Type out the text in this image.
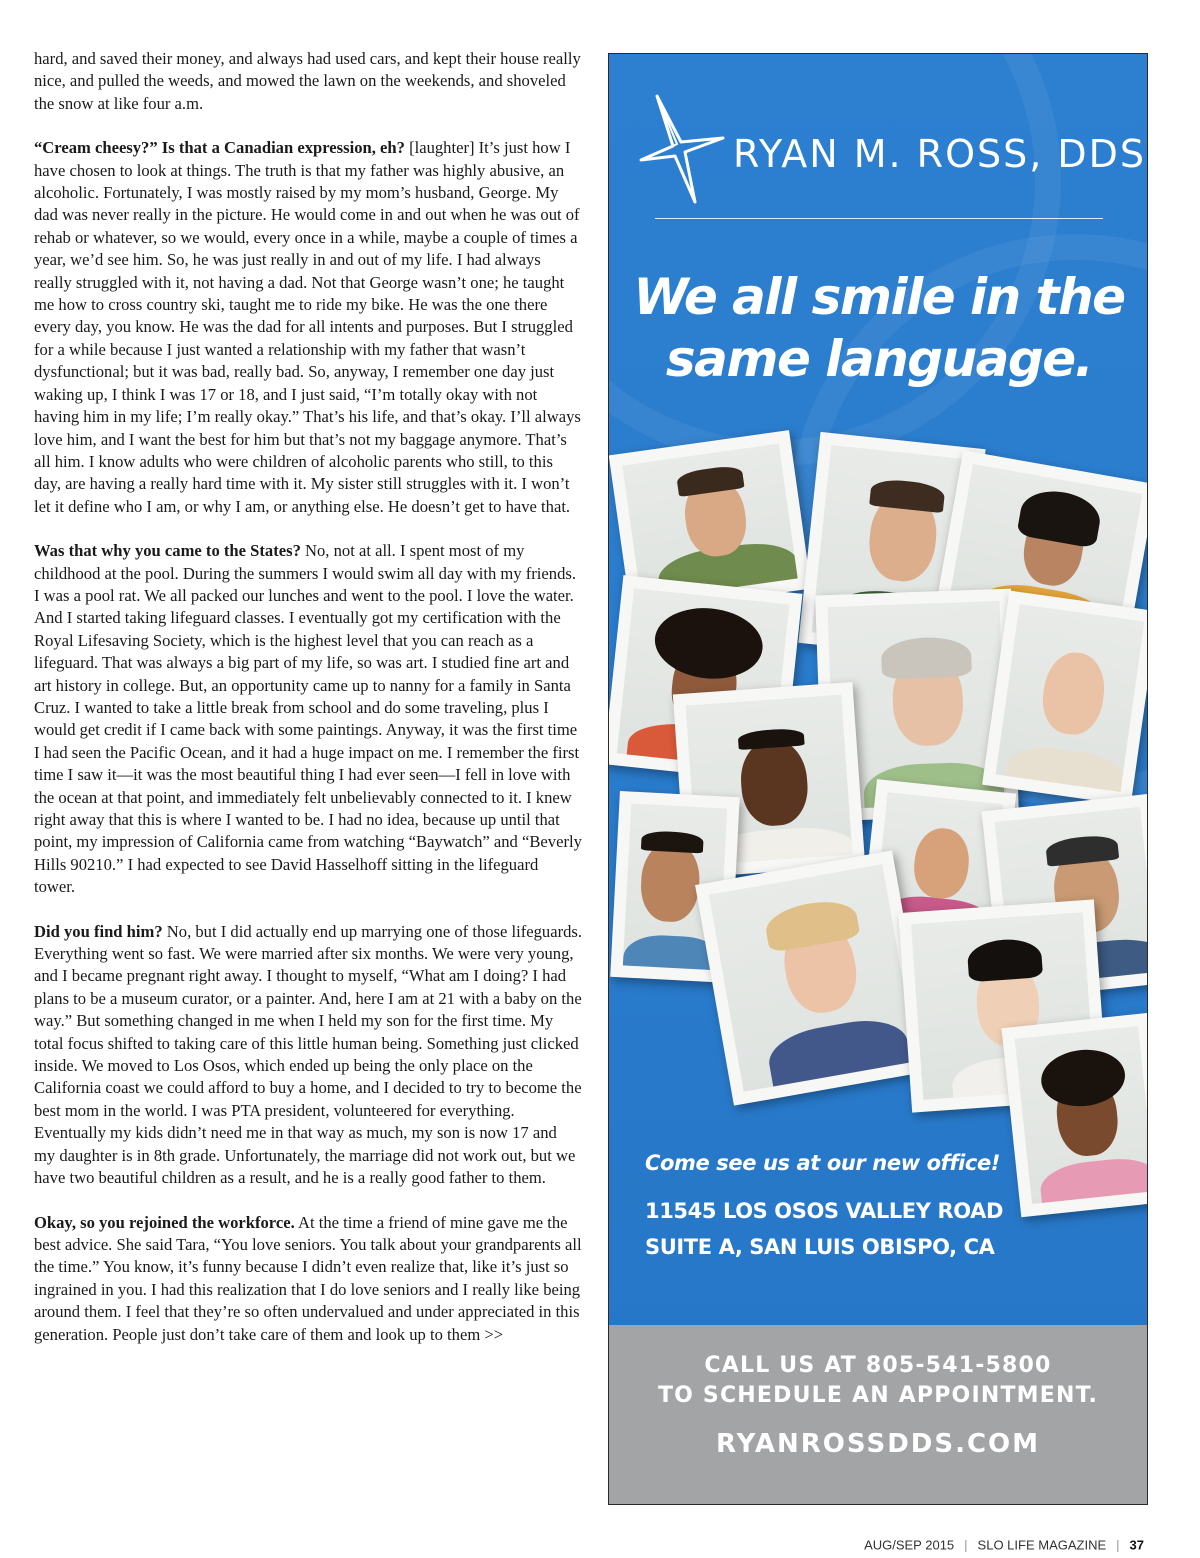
hard, and saved their money, and always had used cars, and kept their house really nice, and pulled the weeds, and mowed the lawn on the weekends, and shoveled the snow at like four a.m.

“Cream cheesy?” Is that a Canadian expression, eh? [laughter] It’s just how I have chosen to look at things. The truth is that my father was highly abusive, an alcoholic. Fortunately, I was mostly raised by my mom’s husband, George. My dad was never really in the picture. He would come in and out when he was out of rehab or whatever, so we would, every once in a while, maybe a couple of times a year, we’d see him. So, he was just really in and out of my life. I had always really struggled with it, not having a dad. Not that George wasn’t one; he taught me how to cross country ski, taught me to ride my bike. He was the one there every day, you know. He was the dad for all intents and purposes. But I struggled for a while because I just wanted a relationship with my father that wasn’t dysfunctional; but it was bad, really bad. So, anyway, I remember one day just waking up, I think I was 17 or 18, and I just said, “I’m totally okay with not having him in my life; I’m really okay.” That’s his life, and that’s okay. I’ll always love him, and I want the best for him but that’s not my baggage anymore. That’s all him. I know adults who were children of alcoholic parents who still, to this day, are having a really hard time with it. My sister still struggles with it. I won’t let it define who I am, or why I am, or anything else. He doesn’t get to have that.

Was that why you came to the States? No, not at all. I spent most of my childhood at the pool. During the summers I would swim all day with my friends. I was a pool rat. We all packed our lunches and went to the pool. I love the water. And I started taking lifeguard classes. I eventually got my certification with the Royal Lifesaving Society, which is the highest level that you can reach as a lifeguard. That was always a big part of my life, so was art. I studied fine art and art history in college. But, an opportunity came up to nanny for a family in Santa Cruz. I wanted to take a little break from school and do some traveling, plus I would get credit if I came back with some paintings. Anyway, it was the first time I had seen the Pacific Ocean, and it had a huge impact on me. I remember the first time I saw it—it was the most beautiful thing I had ever seen—I fell in love with the ocean at that point, and immediately felt unbelievably connected to it. I knew right away that this is where I wanted to be. I had no idea, because up until that point, my impression of California came from watching “Baywatch” and “Beverly Hills 90210.” I had expected to see David Hasselhoff sitting in the lifeguard tower.

Did you find him? No, but I did actually end up marrying one of those lifeguards. Everything went so fast. We were married after six months. We were very young, and I became pregnant right away. I thought to myself, “What am I doing? I had plans to be a museum curator, or a painter. And, here I am at 21 with a baby on the way.” But something changed in me when I held my son for the first time. My total focus shifted to taking care of this little human being. Something just clicked inside. We moved to Los Osos, which ended up being the only place on the California coast we could afford to buy a home, and I decided to try to become the best mom in the world. I was PTA president, volunteered for everything. Eventually my kids didn’t need me in that way as much, my son is now 17 and my daughter is in 8th grade. Unfortunately, the marriage did not work out, but we have two beautiful children as a result, and he is a really good father to them.

Okay, so you rejoined the workforce. At the time a friend of mine gave me the best advice. She said Tara, “You love seniors. You talk about your grandparents all the time.” You know, it’s funny because I didn’t even realize that, like it’s just so ingrained in you. I had this realization that I do love seniors and I really like being around them. I feel that they’re so often undervalued and under appreciated in this generation. People just don’t take care of them and look up to them >>

RYAN M. ROSS, DDS
We all smile in the
same language.
Come see us at our new office!
11545 LOS OSOS VALLEY ROAD
SUITE A, SAN LUIS OBISPO, CA
CALL US AT 805-541-5800
TO SCHEDULE AN APPOINTMENT.
RYANROSSDDS.COM
AUG/SEP 2015 | SLO LIFE MAGAZINE | 37
